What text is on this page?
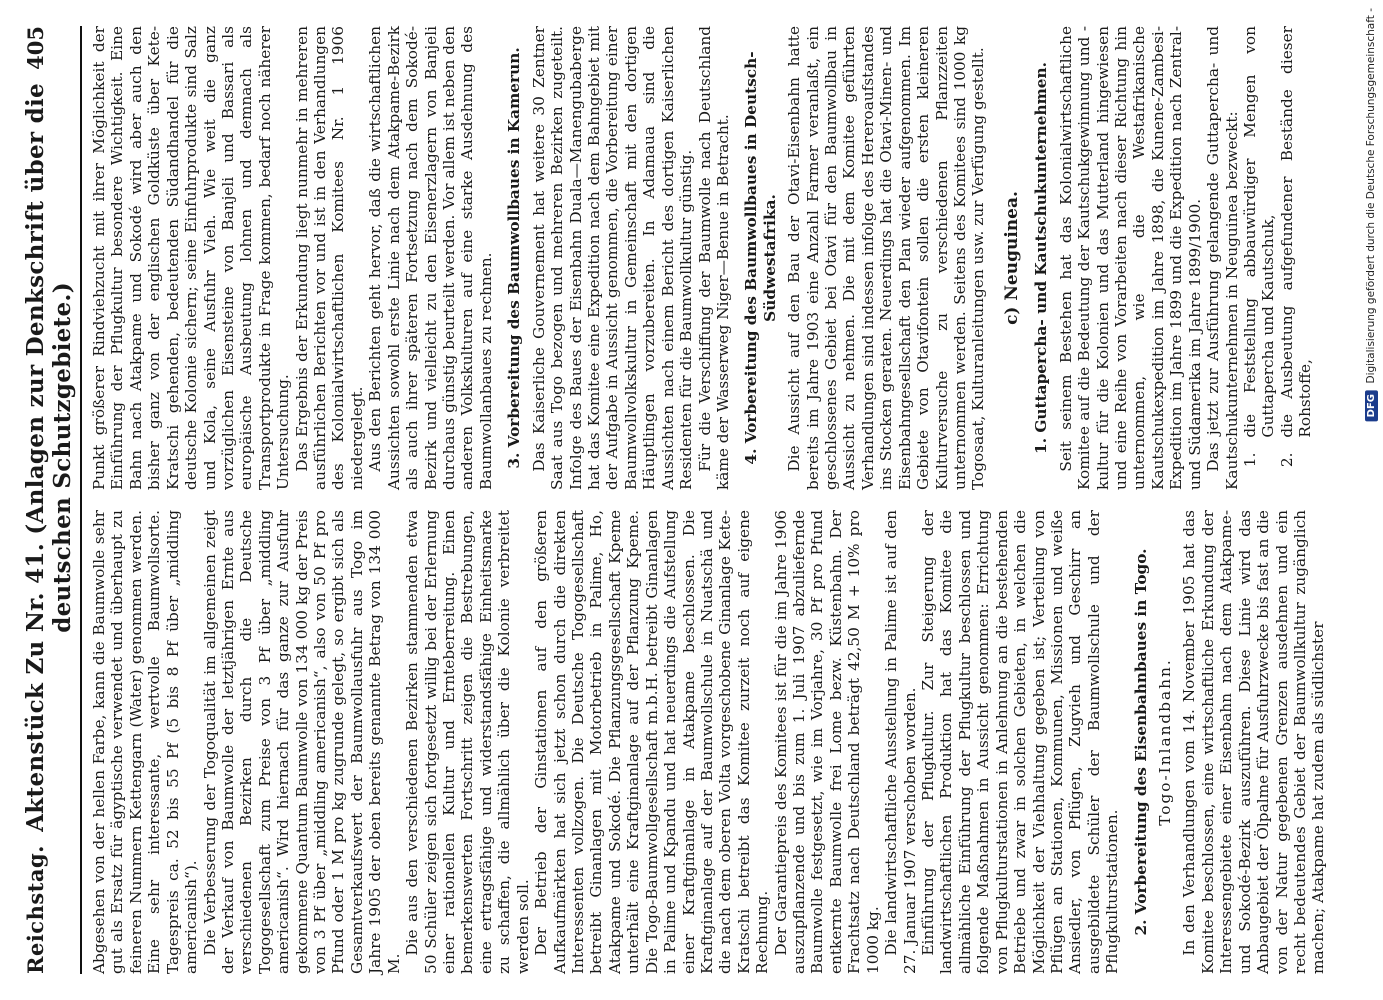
Reichstag.
Aktenstück Zu Nr. 41. (Anlagen zur Denkschrift über die deutschen Schutzgebiete.)
405

Abgesehen von der hellen Farbe, kann die Baumwolle sehr gut als Ersatz für ägyptische verwendet und überhaupt zu feineren Nummern Kettengarn (Water) genommen werden. Eine sehr interessante, wertvolle Baumwollsorte. Tagespreis ca. 52 bis 55 Pf (5 bis 8 Pf über „middling americanish“). Die Verbesserung der Togoqualität im allgemeinen zeigt der Verkauf von Baumwolle der letztjährigen Ernte aus verschiedenen Bezirken durch die Deutsche Togogesellschaft zum Preise von 3 Pf über „middling americanish“. Wird hiernach für das ganze zur Ausfuhr gekommene Quantum Baumwolle von 134 000 kg der Preis von 3 Pf über „middling americanish“, also von 50 Pf pro Pfund oder 1 M pro kg zugrunde gelegt, so ergibt sich als Gesamtverkaufswert der Baumwollausfuhr aus Togo im Jahre 1905 der oben bereits genannte Betrag von 134 000 M.

Die aus den verschiedenen Bezirken stammenden etwa 50 Schüler zeigen sich fortgesetzt willig bei der Erlernung einer rationellen Kultur und Ernteberreitung. Einen bemerkenswerten Fortschritt zeigen die Bestrebungen, eine ertragsfähige und widerstandsfähige Einheitsmarke zu schaffen, die allmählich über die Kolonie verbreitet werden soll. Der Betrieb der Ginstationen auf den größeren Aufkaufmärkten hat sich jetzt schon durch die direkten Interessenten vollzogen. Die Deutsche Togogesellschaft betreibt Ginanlagen mit Motorbetrieb in Palime, Ho, Atakpame und Sokodé. Die Pflanzungsgesellschaft Kpeme unterhält eine Kraftginanlage auf der Pflanzung Kpeme. Die Togo-Baumwollgesellschaft m.b.H. betreibt Ginanlagen in Palime und Kpandu und hat neuerdings die Aufstellung einer Kraftginanlage in Atakpame beschlossen. Die Kraftginanlage auf der Baumwollschule in Nuatschä und die nach dem oberen Volta vorgeschobene Ginanlage Kete-Kratschi betreibt das Komitee zurzeit noch auf eigene Rechnung. Der Garantiepreis des Komitees ist für die im Jahre 1906 auszupflanzende und bis zum 1. Juli 1907 abzuliefernde Baumwolle festgesetzt, wie im Vorjahre, 30 Pf pro Pfund entkernte Baumwolle frei Lome bezw. Küstenbahn. Der Frachtsatz nach Deutschland beträgt 42,50 M + 10% pro 1000 kg. Die landwirtschaftliche Ausstellung in Palime ist auf den 27. Januar 1907 verschoben worden. Einführung der Pflugkultur. Zur Steigerung der landwirtschaftlichen Produktion hat das Komitee die allmähliche Einführung der Pflugkultur beschlossen und folgende Maßnahmen in Aussicht genommen: Errichtung von Pflugkulturstationen in Anlehnung an die bestehenden Betriebe und zwar in solchen Gebieten, in welchen die Möglichkeit der Viehhaltung gegeben ist; Verteilung von Pflügen an Stationen, Kommunen, Missionen und weiße Ansiedler, von Pflügen, Zugvieh und Geschirr an ausgebildete Schüler der Baumwollschule und der Pflugkulturstationen. 2. Vorbereitung des Eisenbahnbaues in Togo. Togo-Inlandbahn. In den Verhandlungen vom 14. November 1905 hat das Komitee beschlossen, eine wirtschaftliche Erkundung der Interessengebiete einer Eisenbahn nach dem Atakpame- und Sokodé-Bezirk auszuführen. Diese Linie wird das Anbaugebiet der Ölpalme für Ausfuhrzwecke bis fast an die von der Natur gegebenen Grenzen ausdehnen und ein recht bedeutendes Gebiet der Baumwollkultur zugänglich machen; Atakpame hat zudem als südlichster

Punkt größerer Rindviehzucht mit ihrer Möglichkeit der Einführung der Pflugkultur besondere Wichtigkeit. Eine Bahn nach Atakpame und Sokodé wird aber auch den bisher ganz von der englischen Goldküste über Kete-Kratschi gehenden, bedeutenden Südandhandel für die deutsche Kolonie sichern; seine Einfuhrprodukte sind Salz und Kola, seine Ausfuhr Vieh. Wie weit die ganz vorzüglichen Eisensteine von Banjeli und Bassari als europäische Ausbeutung lohnen und demnach als Transportprodukte in Frage kommen, bedarf noch näherer Untersuchung. Das Ergebnis der Erkundung liegt nunmehr in mehreren ausführlichen Berichten vor und ist in den Verhandlungen des Kolonialwirtschaftlichen Komitees Nr. 1 1906 niedergelegt. Aus den Berichten geht hervor, daß die wirtschaftlichen Aussichten sowohl erste Linie nach dem Atakpame-Bezirk als auch ihrer späteren Fortsetzung nach dem Sokodé-Bezirk und vielleicht zu den Eisenerzlagern von Banjeli durchaus günstig beurteilt werden. Vor allem ist neben den anderen Volkskulturen auf eine starke Ausdehnung des Baumwollanbaues zu rechnen. 3. Vorbereitung des Baumwollbaues in Kamerun. Das Kaiserliche Gouvernement hat weitere 30 Zentner Saat aus Togo bezogen und mehreren Bezirken zugeteilt. Infolge des Baues der Eisenbahn Duala—Manengubaberge hat das Komitee eine Expedition nach dem Bahngebiet mit der Aufgabe in Aussicht genommen, die Vorbereitung einer Baumwollvolkskultur in Gemeinschaft mit den dortigen Häuptlingen vorzubereiten. In Adamaua sind die Aussichten nach einem Bericht des dortigen Kaiserlichen Residenten für die Baumwollkultur günstig. Für die Verschiffung der Baumwolle nach Deutschland käme der Wasserweg Niger—Benue in Betracht. 4. Vorbereitung des Baumwollbaues in Deutsch-Südwestafrika. Die Aussicht auf den Bau der Otavi-Eisenbahn hatte bereits im Jahre 1903 eine Anzahl Farmer veranlaßt, ein geschlossenes Gebiet bei Otavi für den Baumwollbau in Aussicht zu nehmen. Die mit dem Komitee geführten Verhandlungen sind indessen infolge des Hereroaufstandes ins Stocken geraten. Neuerdings hat die Otavi-Minen- und Eisenbahngesellschaft den Plan wieder aufgenommen. Im Gebiete von Otavifontein sollen die ersten kleineren Kulturversuche zu verschiedenen Pflanzzeiten unternommen werden. Seitens des Komitees sind 1000 kg Togosaat, Kulturanleitungen usw. zur Verfügung gestellt. c) Neuguinea. 1. Guttapercha- und Kautschukunternehmen. Seit seinem Bestehen hat das Kolonialwirtschaftliche Komitee auf die Bedeutung der Kautschukgewinnung und -kultur für die Kolonien und das Mutterland hingewiesen und eine Reihe von Vorarbeiten nach dieser Richtung hin unternommen, wie die Westafrikanische Kautschukexpedition im Jahre 1898, die Kunene-Zambesi-Expedition im Jahre 1899 und die Expedition nach Zentral- und Südamerika im Jahre 1899/1900. Das jetzt zur Ausführung gelangende Guttapercha- und Kautschukunternehmen in Neuguinea bezweckt: 1.
die Feststellung abbauwürdiger Mengen von Guttapercha und Kautschuk,
2.
die Ausbeutung aufgefundener Bestände dieser Rohstoffe,
Digitalisierung gefördert durch die Deutsche Forschungsgemeinschaft -
DFG
